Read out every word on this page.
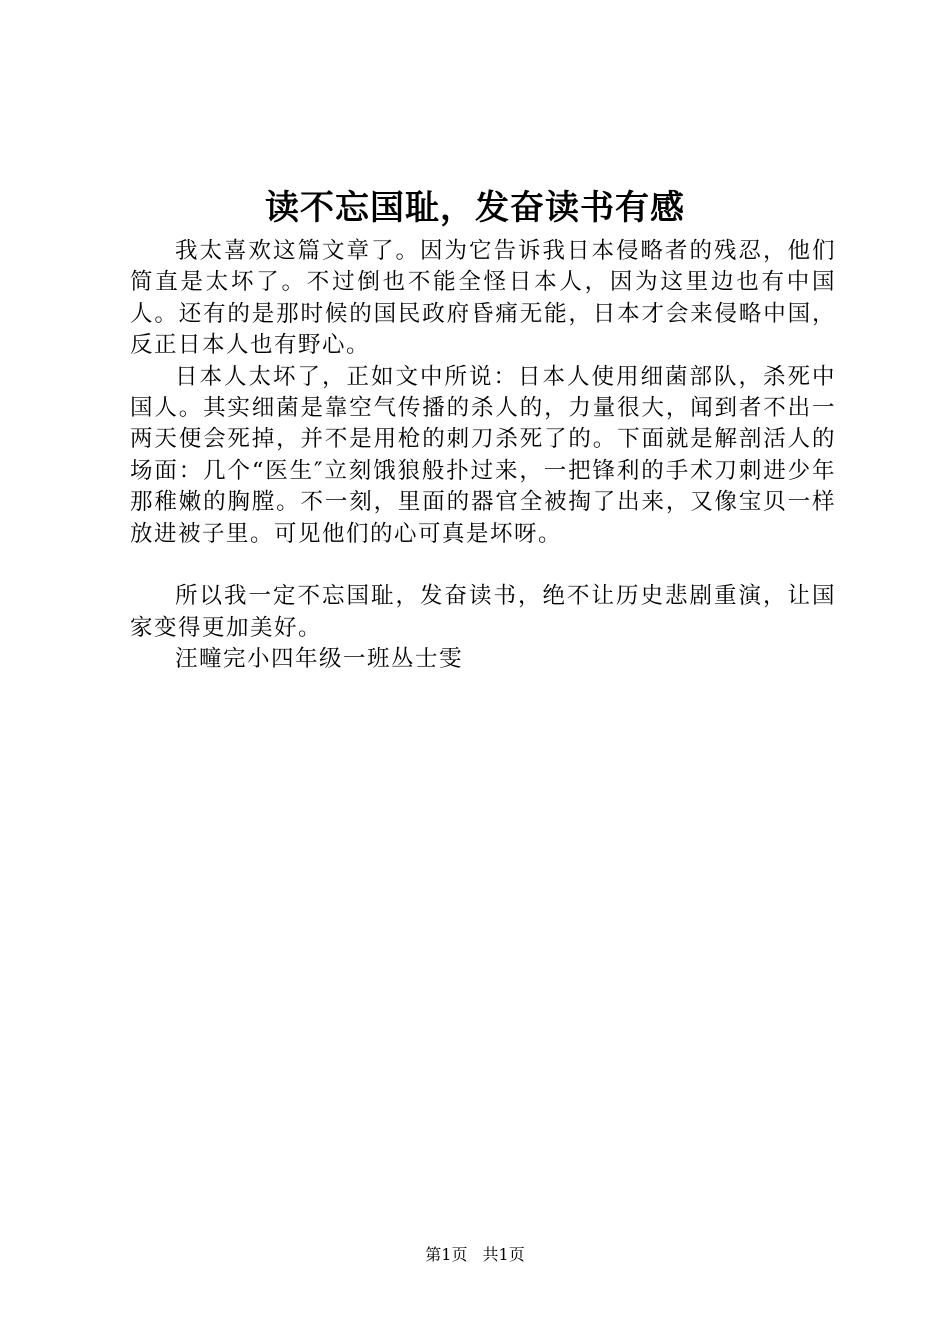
读不忘国耻，发奋读书有感

我太喜欢这篇文章了。因为它告诉我日本侵略者的残忍，他们简直是太坏了。不过倒也不能全怪日本人，因为这里边也有中国人。还有的是那时候的国民政府昏痛无能，日本才会来侵略中国，反正日本人也有野心。

日本人太坏了，正如文中所说：日本人使用细菌部队，杀死中国人。其实细菌是靠空气传播的杀人的，力量很大，闻到者不出一两天便会死掉，并不是用枪的刺刀杀死了的。下面就是解剖活人的场面：几个“医生″立刻饿狼般扑过来，一把锋利的手术刀刺进少年那稚嫩的胸膛。不一刻，里面的器官全被掏了出来，又像宝贝一样放进被子里。可见他们的心可真是坏呀。

所以我一定不忘国耻，发奋读书，绝不让历史悲剧重演，让国家变得更加美好。

汪疃完小四年级一班丛士雯

第1页 共1页
